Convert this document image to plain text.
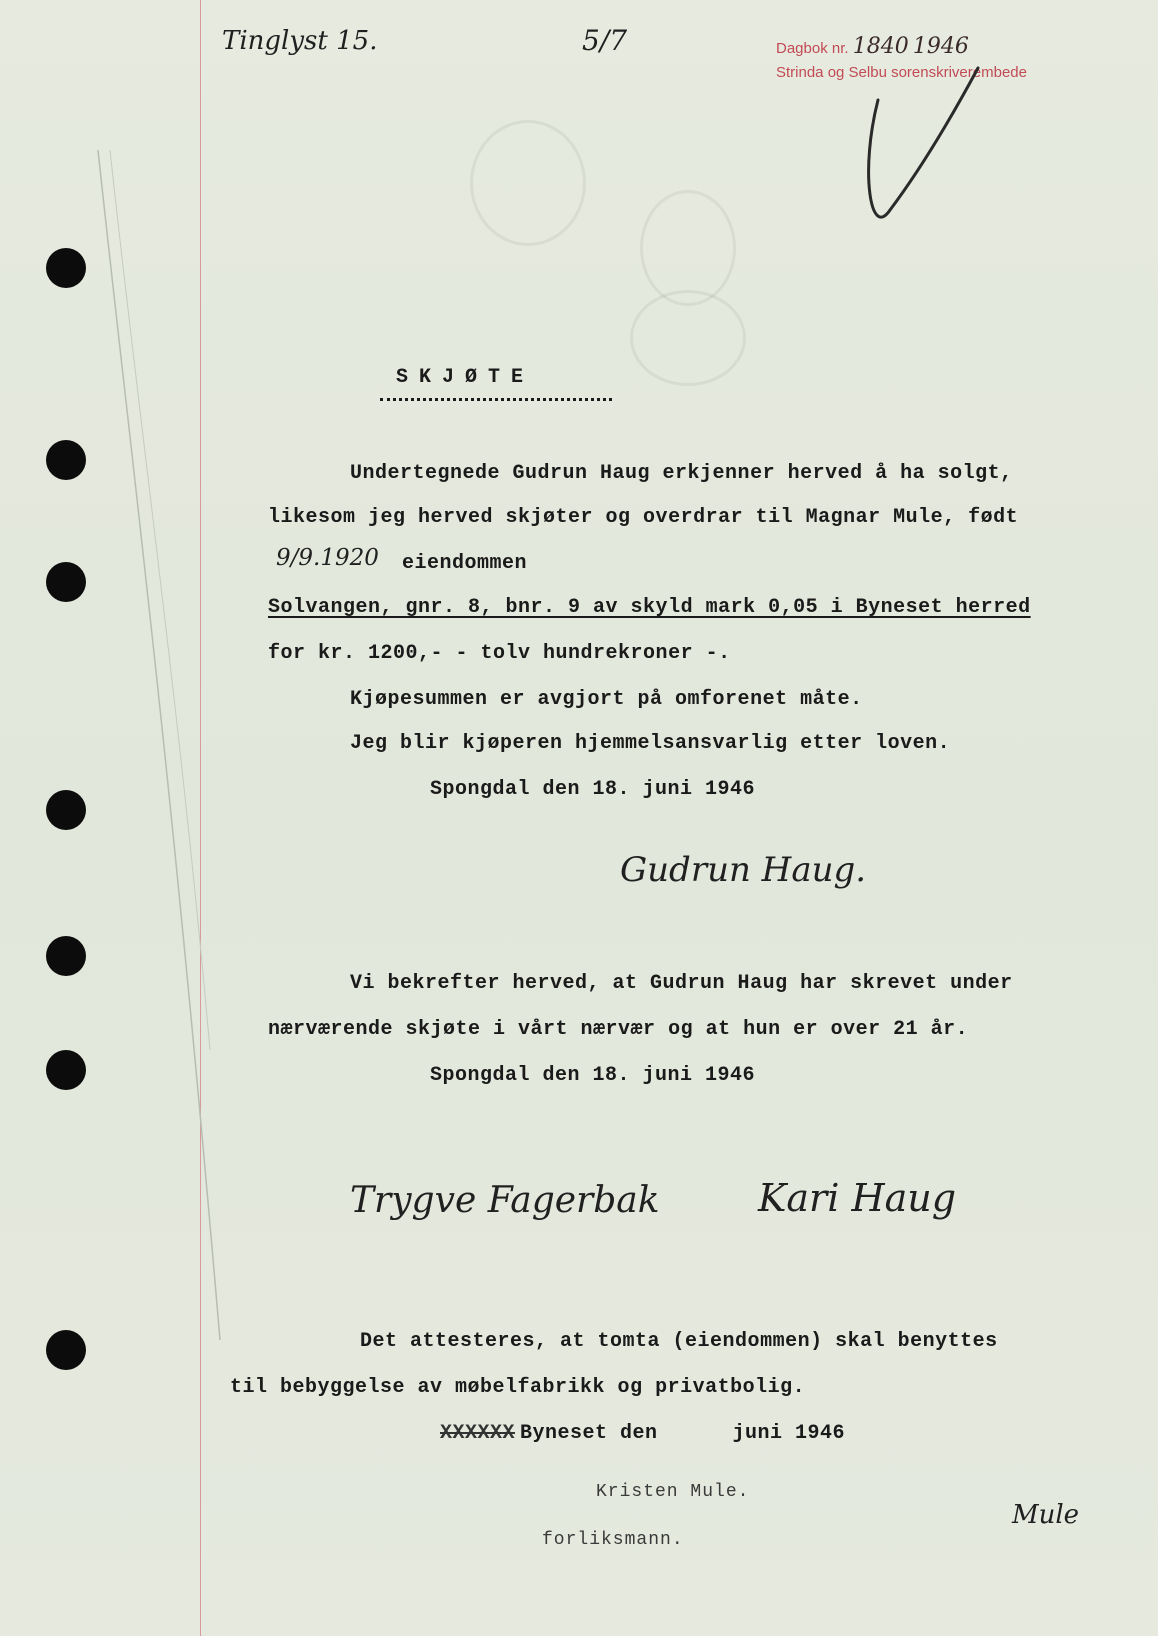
Tinglyst 15.	5/7	Dagbok nr. 1840 1946
Strinda og Selbu sorenskriverembede
SKJØTE
Undertegnede Gudrun Haug erkjenner herved å ha solgt,
likesom jeg herved skjøter og overdrar til Magnar Mule, født
9/9.1920 eiendommen
Solvangen, gnr. 8, bnr. 9 av skyld mark 0,05 i Byneset herred
for kr. 1200,- - tolv hundrekroner -.
Kjøpesummen er avgjort på omforenet måte.
Jeg blir kjøperen hjemmelsansvarlig etter loven.
Spongdal den 18. juni 1946
Gudrun Haug.
Vi bekrefter herved, at Gudrun Haug har skrevet under
nærværende skjøte i vårt nærvær og at hun er over 21 år.
Spongdal den 18. juni 1946
Trygve Fagerbak	Kari Haug
Det attesteres, at tomta (eiendommen) skal benyttes
til bebyggelse av møbelfabrikk og privatbolig.
XXXXXX Byneset den      juni 1946
Kristen Mule.
forliksmann.
Mule
